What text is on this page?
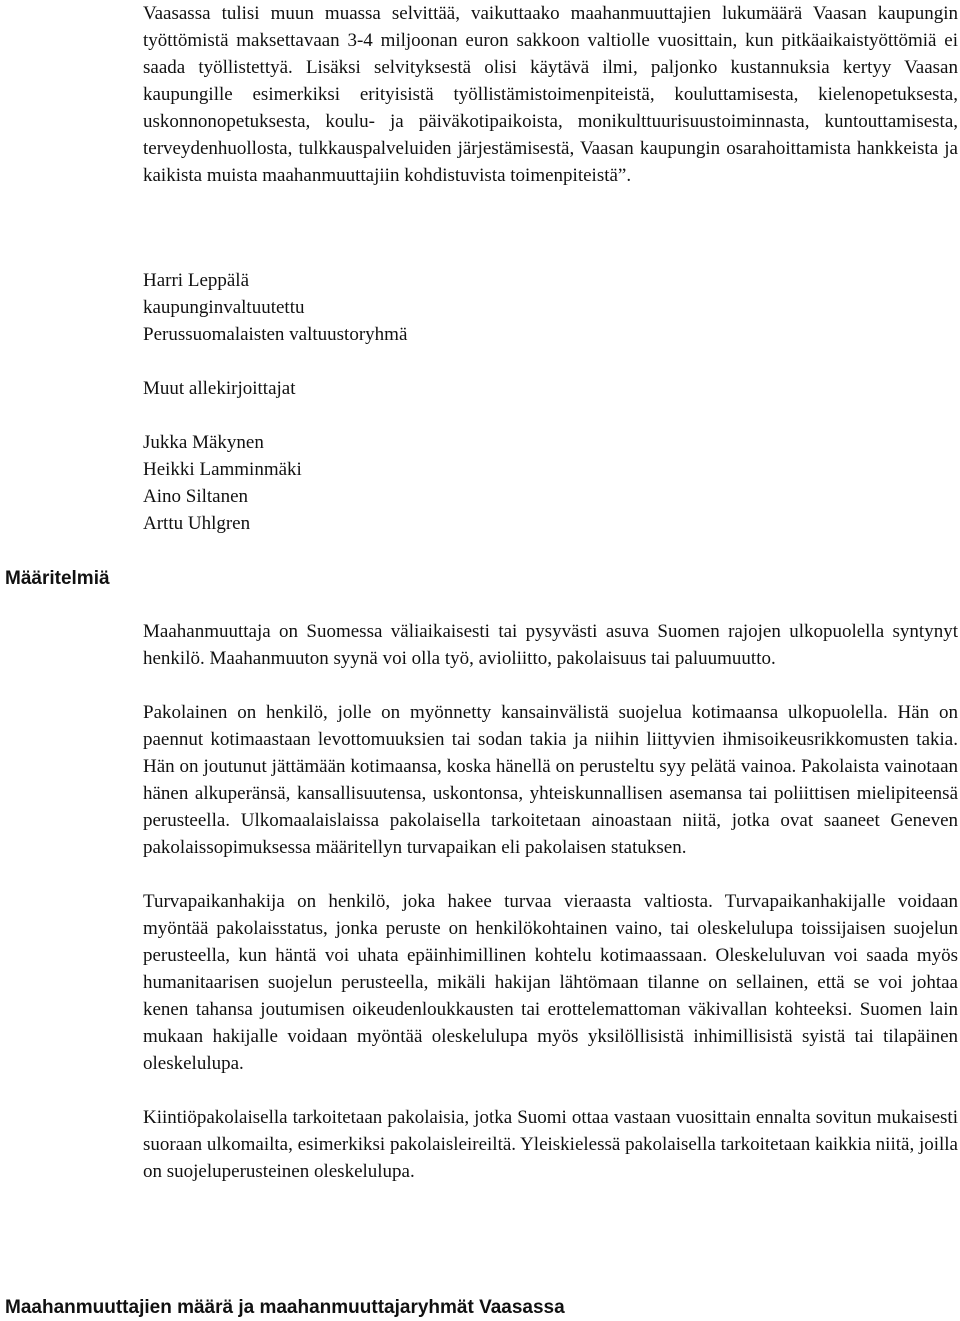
Vaasassa tulisi muun muassa selvittää, vaikuttaako maahanmuuttajien lukumäärä Vaasan kaupungin työttömistä maksettavaan 3-4 miljoonan euron sakkoon valtiolle vuosittain, kun pitkäaikaistyöttömiä ei saada työllistettyä. Lisäksi selvityksestä olisi käytävä ilmi, paljonko kustannuksia kertyy Vaasan kaupungille esimerkiksi erityisistä työllistämistoimenpiteistä, kouluttamisesta, kielenopetuksesta, uskonnonopetuksesta, koulu- ja päiväkotipaikoista, monikulttuurisuustoiminnasta, kuntouttamisesta, terveydenhuollosta, tulkkauspalveluiden järjestämisestä, Vaasan kaupungin osarahoittamista hankkeista ja kaikista muista maahanmuuttajiin kohdistuvista toimenpiteistä”.

Harri Leppälä
kaupunginvaltuutettu
Perussuomalaisten valtuustoryhmä
Muut allekirjoittajat
Jukka Mäkynen
Heikki Lamminmäki
Aino Siltanen
Arttu Uhlgren
Määritelmiä

Maahanmuuttaja on Suomessa väliaikaisesti tai pysyvästi asuva Suomen rajojen ulkopuolella syntynyt henkilö. Maahanmuuton syynä voi olla työ, avioliitto, pakolaisuus tai paluumuutto.

Pakolainen on henkilö, jolle on myönnetty kansainvälistä suojelua kotimaansa ulkopuolella. Hän on paennut kotimaastaan levottomuuksien tai sodan takia ja niihin liittyvien ihmisoikeusrikkomusten takia. Hän on joutunut jättämään kotimaansa, koska hänellä on perusteltu syy pelätä vainoa. Pakolaista vainotaan hänen alkuperänsä, kansallisuutensa, uskontonsa, yhteiskunnallisen asemansa tai poliittisen mielipiteensä perusteella. Ulkomaalaislaissa pakolaisella tarkoitetaan ainoastaan niitä, jotka ovat saaneet Geneven pakolaissopimuksessa määritellyn turvapaikan eli pakolaisen statuksen.

Turvapaikanhakija on henkilö, joka hakee turvaa vieraasta valtiosta. Turvapaikanhakijalle voidaan myöntää pakolaisstatus, jonka peruste on henkilökohtainen vaino, tai oleskelulupa toissijaisen suojelun perusteella, kun häntä voi uhata epäinhimillinen kohtelu kotimaassaan. Oleskeluluvan voi saada myös humanitaarisen suojelun perusteella, mikäli hakijan lähtömaan tilanne on sellainen, että se voi johtaa kenen tahansa joutumisen oikeudenloukkausten tai erottelemattoman väkivallan kohteeksi. Suomen lain mukaan hakijalle voidaan myöntää oleskelulupa myös yksilöllisistä inhimillisistä syistä tai tilapäinen oleskelulupa.

Kiintiöpakolaisella tarkoitetaan pakolaisia, jotka Suomi ottaa vastaan vuosittain ennalta sovitun mukaisesti suoraan ulkomailta, esimerkiksi pakolaisleireiltä. Yleiskielessä pakolaisella tarkoitetaan kaikkia niitä, joilla on suojeluperusteinen oleskelulupa.

Maahanmuuttajien määrä ja maahanmuuttajaryhmät Vaasassa
